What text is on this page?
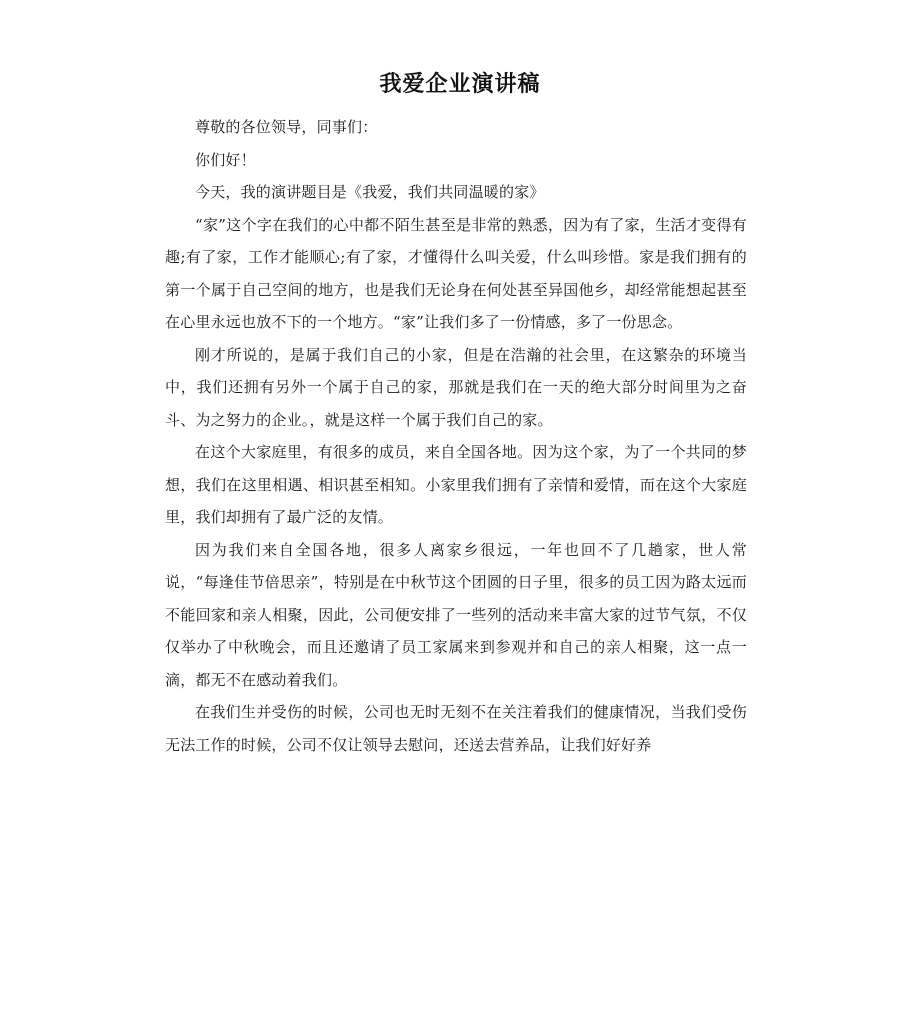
我爱企业演讲稿

尊敬的各位领导，同事们：

你们好！

今天，我的演讲题目是《我爱，我们共同温暖的家》

“家”这个字在我们的心中都不陌生甚至是非常的熟悉，因为有了家，生活才变得有趣;有了家，工作才能顺心;有了家，才懂得什么叫关爱，什么叫珍惜。家是我们拥有的第一个属于自己空间的地方，也是我们无论身在何处甚至异国他乡，却经常能想起甚至在心里永远也放不下的一个地方。“家”让我们多了一份情感，多了一份思念。

刚才所说的，是属于我们自己的小家，但是在浩瀚的社会里，在这繁杂的环境当中，我们还拥有另外一个属于自己的家，那就是我们在一天的绝大部分时间里为之奋斗、为之努力的企业。，就是这样一个属于我们自己的家。

在这个大家庭里，有很多的成员，来自全国各地。因为这个家，为了一个共同的梦想，我们在这里相遇、相识甚至相知。小家里我们拥有了亲情和爱情，而在这个大家庭里，我们却拥有了最广泛的友情。

因为我们来自全国各地，很多人离家乡很远，一年也回不了几趟家，世人常说，“每逢佳节倍思亲”，特别是在中秋节这个团圆的日子里，很多的员工因为路太远而不能回家和亲人相聚，因此，公司便安排了一些列的活动来丰富大家的过节气氛，不仅仅举办了中秋晚会，而且还邀请了员工家属来到参观并和自己的亲人相聚，这一点一滴，都无不在感动着我们。

在我们生并受伤的时候，公司也无时无刻不在关注着我们的健康情况，当我们受伤无法工作的时候，公司不仅让领导去慰问，还送去营养品，让我们好好养
